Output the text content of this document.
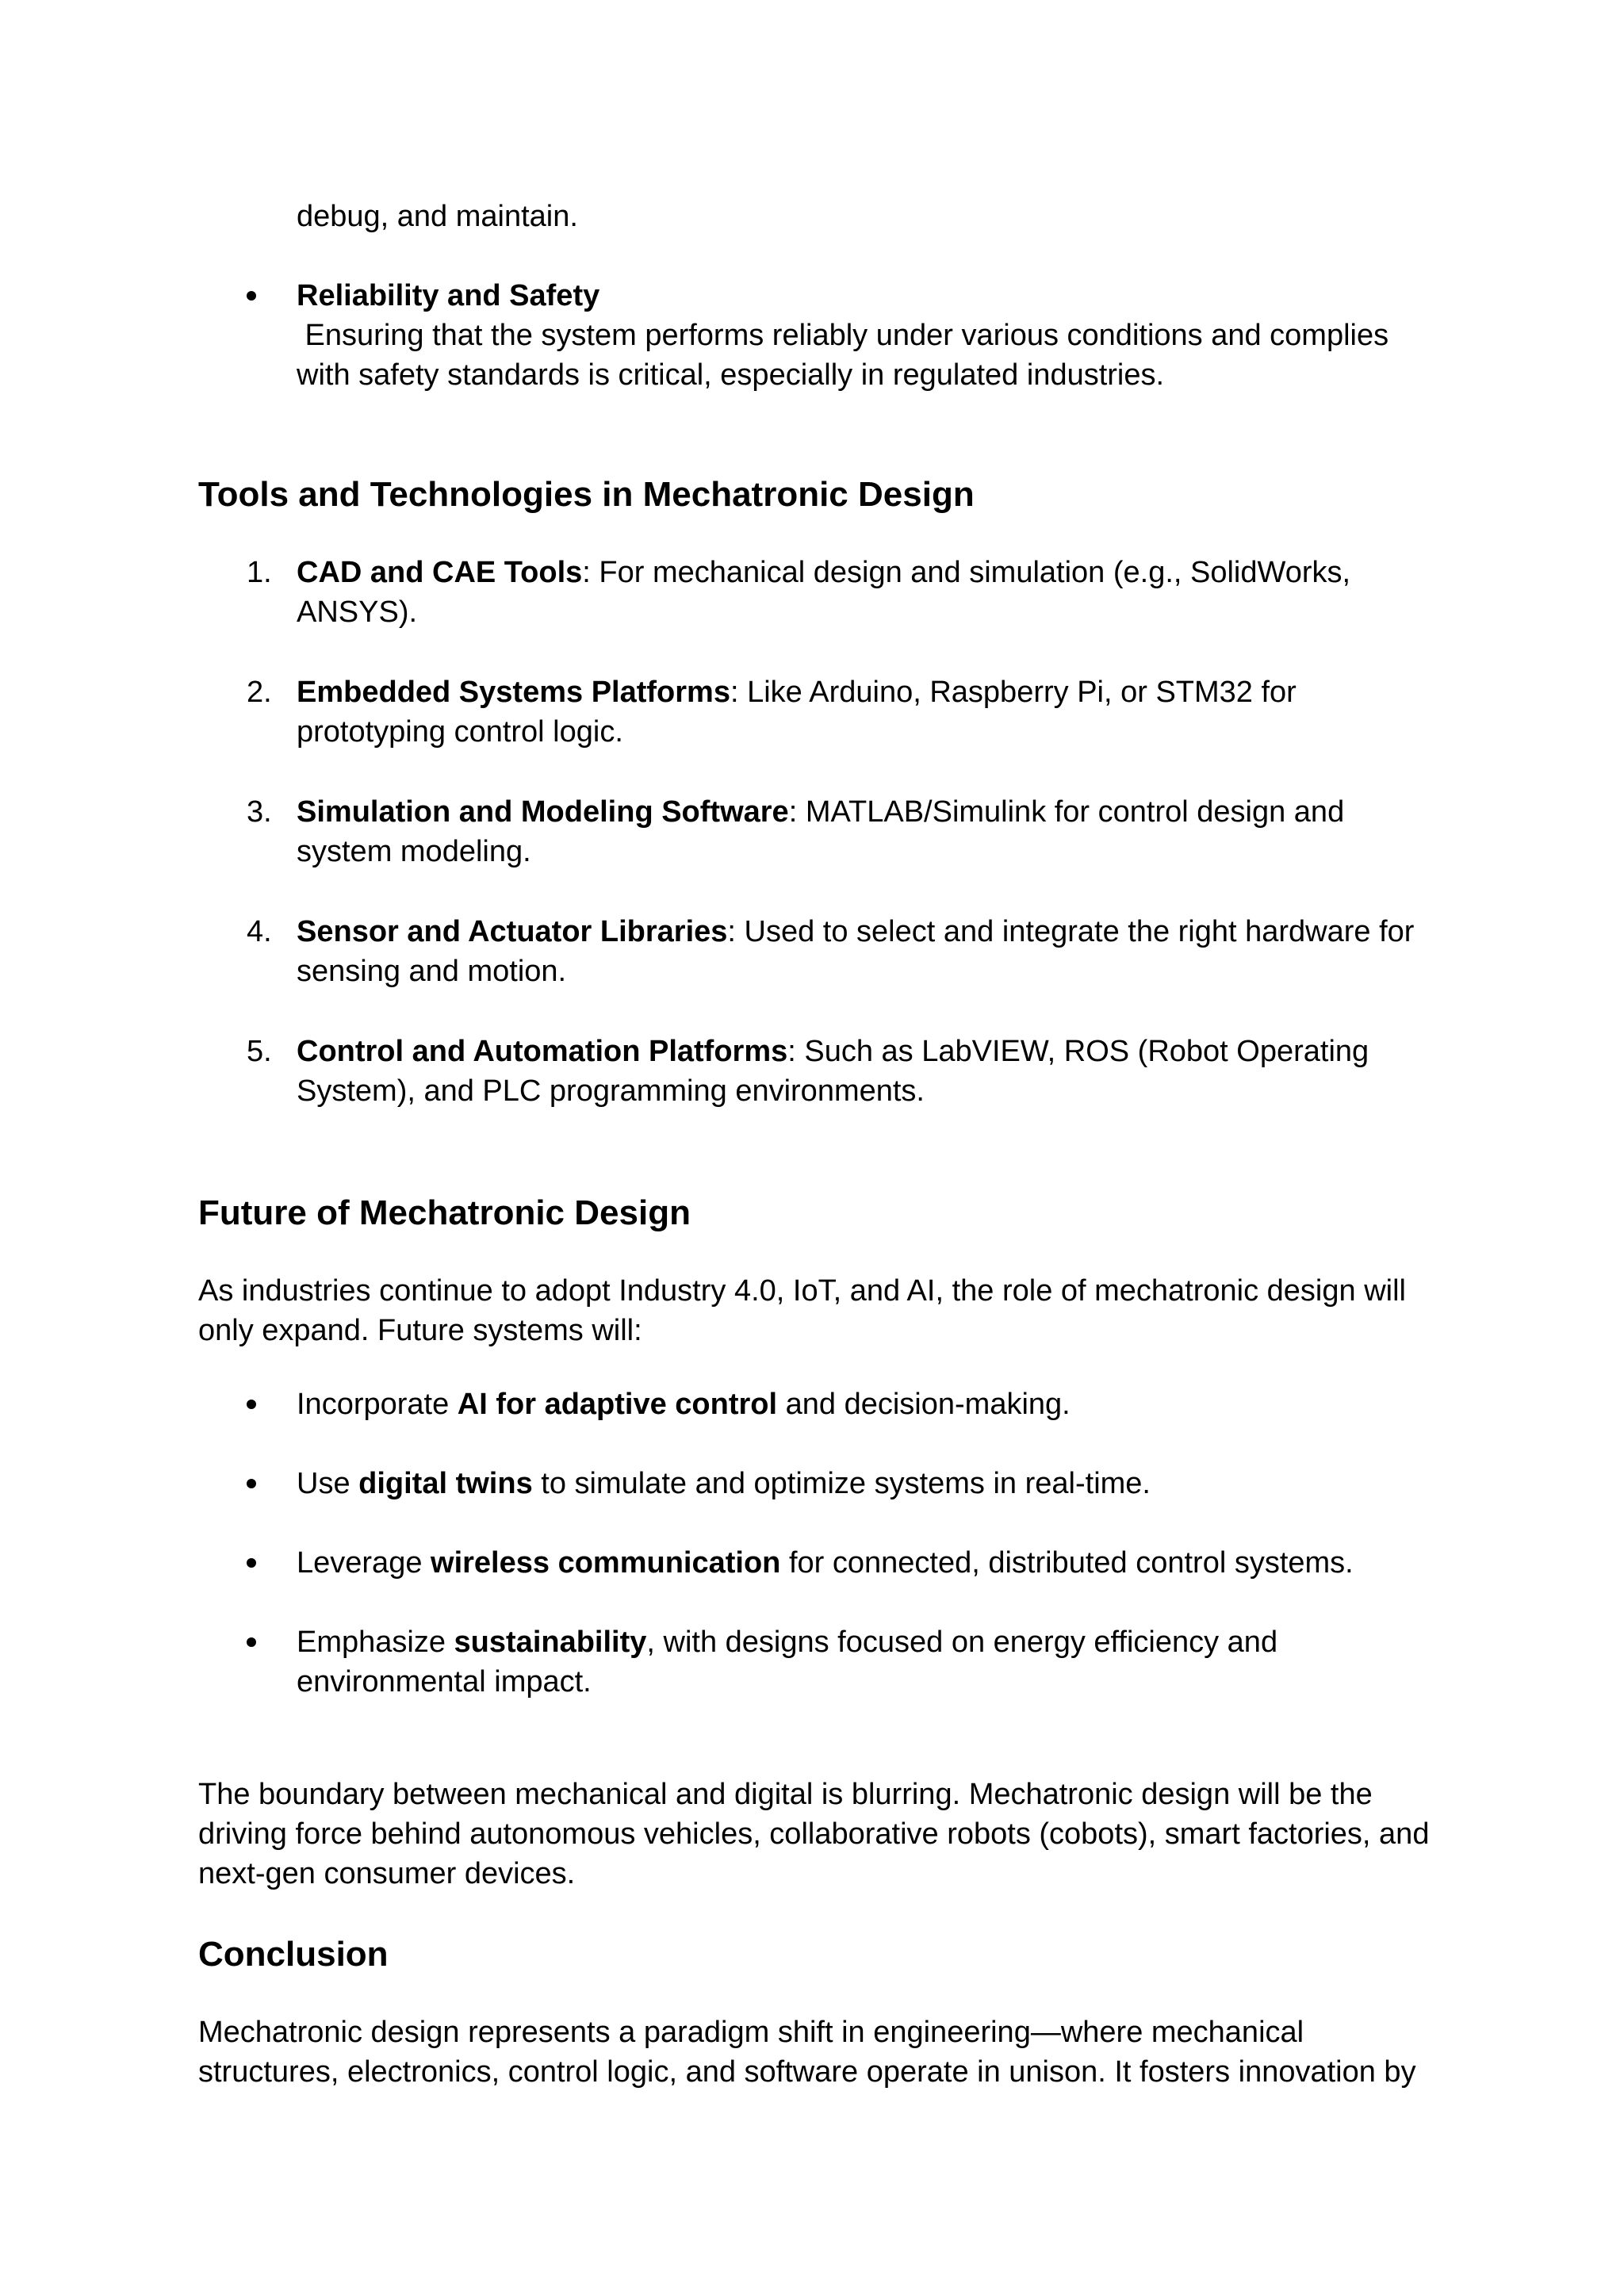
debug, and maintain.

Reliability and Safety
Ensuring that the system performs reliably under various conditions and complies
with safety standards is critical, especially in regulated industries.
Tools and Technologies in Mechatronic Design
1. CAD and CAE Tools: For mechanical design and simulation (e.g., SolidWorks,
ANSYS).
2. Embedded Systems Platforms: Like Arduino, Raspberry Pi, or STM32 for
prototyping control logic.
3. Simulation and Modeling Software: MATLAB/Simulink for control design and
system modeling.
4. Sensor and Actuator Libraries: Used to select and integrate the right hardware for
sensing and motion.
5. Control and Automation Platforms: Such as LabVIEW, ROS (Robot Operating
System), and PLC programming environments.
Future of Mechatronic Design

As industries continue to adopt Industry 4.0, IoT, and AI, the role of mechatronic design will

only expand. Future systems will:

Incorporate AI for adaptive control and decision-making.
Use digital twins to simulate and optimize systems in real-time.
Leverage wireless communication for connected, distributed control systems.
Emphasize sustainability, with designs focused on energy efficiency and
environmental impact.

The boundary between mechanical and digital is blurring. Mechatronic design will be the

driving force behind autonomous vehicles, collaborative robots (cobots), smart factories, and

next-gen consumer devices.

Conclusion

Mechatronic design represents a paradigm shift in engineering—where mechanical

structures, electronics, control logic, and software operate in unison. It fosters innovation by
